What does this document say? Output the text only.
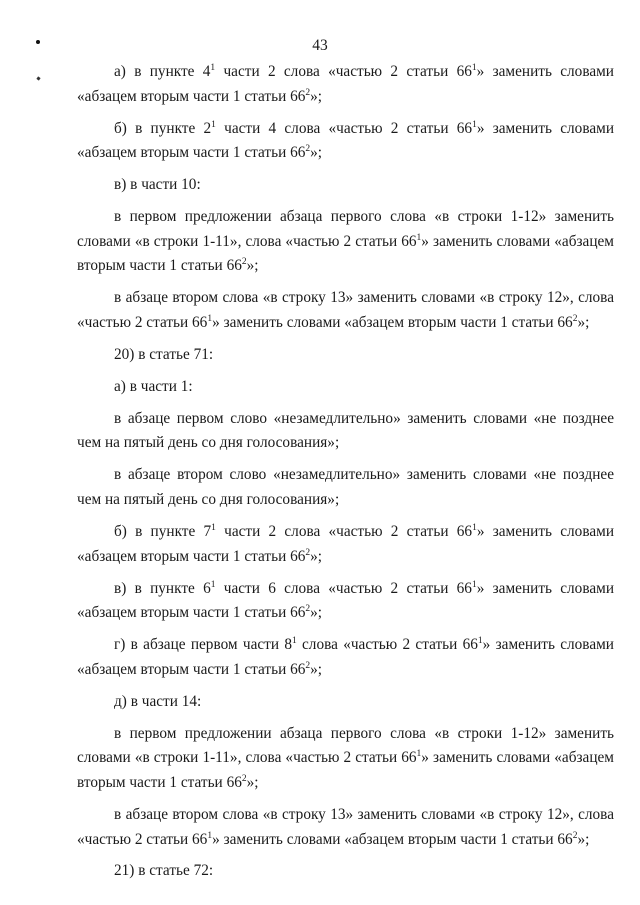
43

а) в пункте $4^1$ части 2 слова «частью 2 статьи $66^1$» заменить словами «абзацем вторым части 1 статьи $66^2$»;

б) в пункте $2^1$ части 4 слова «частью 2 статьи $66^1$» заменить словами «абзацем вторым части 1 статьи $66^2$»;

в) в части 10:

в первом предложении абзаца первого слова «в строки 1-12» заменить словами «в строки 1-11», слова «частью 2 статьи $66^1$» заменить словами «абзацем вторым части 1 статьи $66^2$»;

в абзаце втором слова «в строку 13» заменить словами «в строку 12», слова «частью 2 статьи $66^1$» заменить словами «абзацем вторым части 1 статьи $66^2$»;

20) в статье 71:

а) в части 1:

в абзаце первом слово «незамедлительно» заменить словами «не позднее чем на пятый день со дня голосования»;

в абзаце втором слово «незамедлительно» заменить словами «не позднее чем на пятый день со дня голосования»;

б) в пункте $7^1$ части 2 слова «частью 2 статьи $66^1$» заменить словами «абзацем вторым части 1 статьи $66^2$»;

в) в пункте $6^1$ части 6 слова «частью 2 статьи $66^1$» заменить словами «абзацем вторым части 1 статьи $66^2$»;

г) в абзаце первом части $8^1$ слова «частью 2 статьи $66^1$» заменить словами «абзацем вторым части 1 статьи $66^2$»;

д) в части 14:

в первом предложении абзаца первого слова «в строки 1-12» заменить словами «в строки 1-11», слова «частью 2 статьи $66^1$» заменить словами «абзацем вторым части 1 статьи $66^2$»;

в абзаце втором слова «в строку 13» заменить словами «в строку 12», слова «частью 2 статьи $66^1$» заменить словами «абзацем вторым части 1 статьи $66^2$»;

21) в статье 72:
